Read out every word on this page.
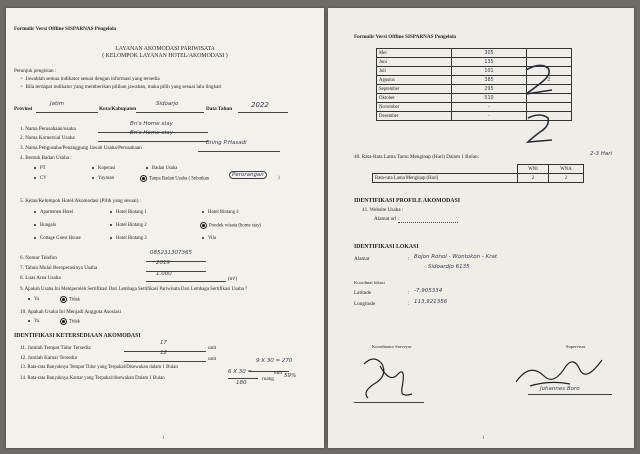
Formulir Versi Offline SISPARNAS Pengelola
LAYANAN AKOMODASI PARIWISATA
( KELOMPOK LAYANAN HOTEL/AKOMODASI )
Petunjuk pengisian :
>  Jawablah semua indikator sesuai dengan informasi yang tersedia
>  Bila terdapat indikator yang memberikan pilihan jawaban, maka pilih yang sesuai lalu lingkari
Provinsi
Jatim
Kota/Kabupaten
Sidoarjo
Data Tahun	2022
1. Nama Perusahaan/usaha
Bn's Home stay
2. Nama Komersial Usaha
Bn's Home stay
3. Nama Pengusaha/Penanggung Jawab Usaha/Perusahaan
Bning P.Hasadi
4. Bentuk Badan Usaha :
PT	Koperasi	Badan Usaha
CV	Yayasan	Tanpa Badan Usaha ( Sebutkan
Perorangan
)
5. Kelas/Kelompok Hotel/Akomodasi (Pilih yang sesuai) :
Apartemen Hotel	Hotel Bintang 1	Hotel Bintang 4
Bungalo	Hotel Bintang 2	Pondok wisata (home stay)
Cottage Guest House	Hotel Bintang 3	Vila
6. Nomor Telefon
085231307365
7. Tahun Mulai Beroperasinya Usaha
2019
8. Luas Area Usaha
1.000
(m²)
9. Apakah Usaha Ini Memperoleh Sertifikasi Dari Lembaga Sertifikasi Pariwisata Dari Lembaga Sertifikasi Usaha ?
Ya	Tidak
10. Apakah Usaha Ini Menjadi Anggota Asosiasi
Ya	Tidak
IDENTIFIKASI KETERSEDIAAN AKOMODASI
11. Jumlah Tempat Tidur Tersedia
17
unit
12. Jumlah Kamar Tersedia
12
unit
13. Rata-rata Banyaknya Tempat Tidur yang Terpakai/Disewakan dalam 1 Bulan
9 X 30 = 270
unit
14. Rata-rata Banyaknya Kamar yang Terpakai/disewakan Dalam 1 Bulan
6 X 30 =
180
ruang 59%
1
Formulir Versi Offline SISPARNAS Pengelola
Mei	305	
Juni	135	
Juli	101	
Agustus	385	2
September	295	
Oktober	510	
November	-	
Desember	-	
40. Rata-Rata Lama Tamu Menginap (Hari) Dalam 1 Bulan:	2-3 Hari
	WNI	WNA
Rata-rata Lama Menginap (Hari)	2	2
IDENTIFIKASI PROFILE AKOMODASI
41. Website Usaha :
Alamat url :
IDENTIFIKASI LOKASI
Alamat	: Bojon Ronol - Wontokon - Krat
Sidoardjo 6135
Koordinat lokasi
Latitude	: -7,905334
Longitude	: 113,921356
Koordinator Surveyor	Supervisor
Johannes Boro
1
